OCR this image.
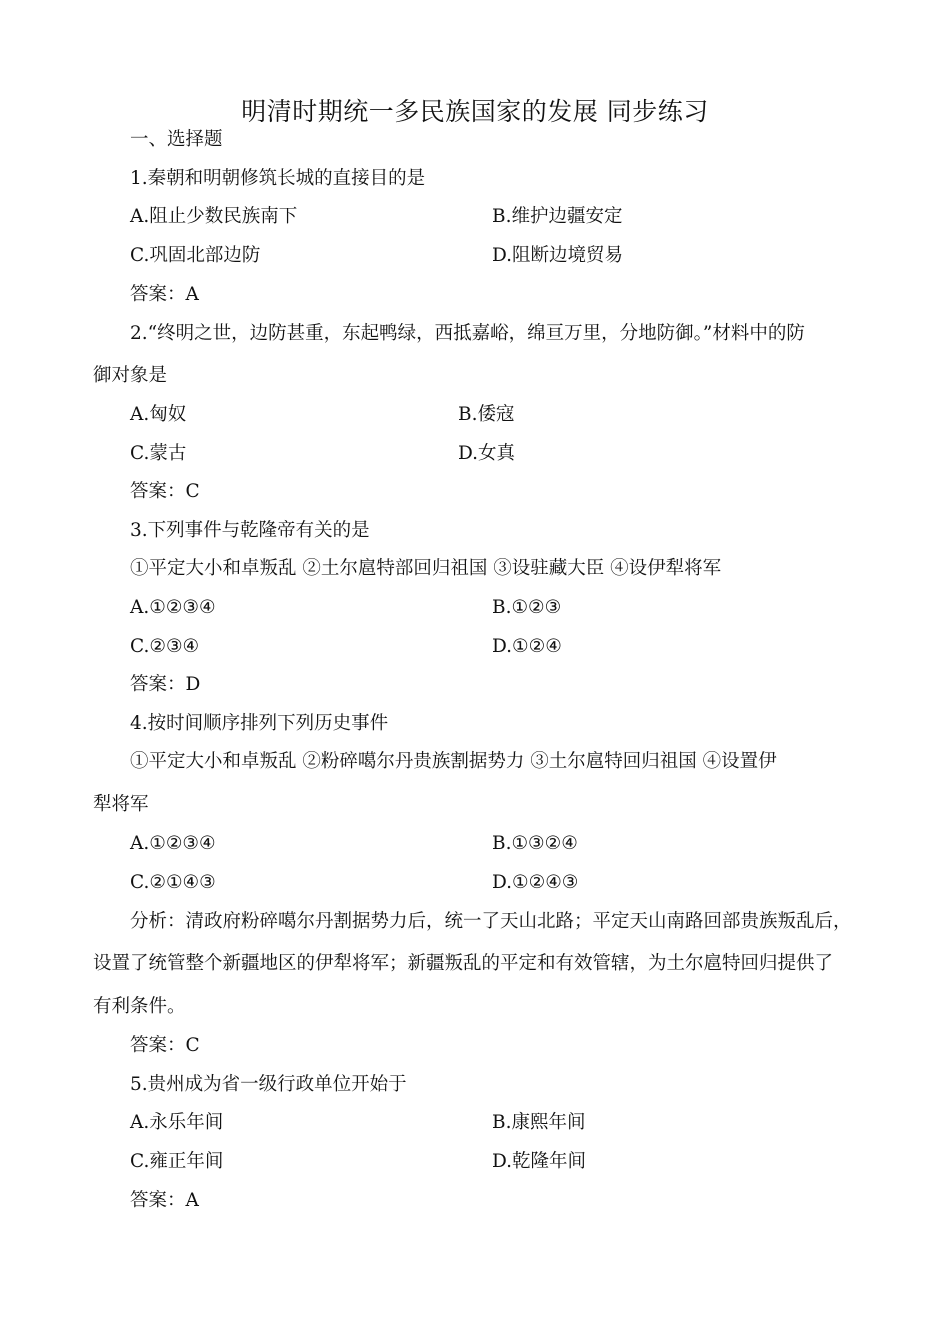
明清时期统一多民族国家的发展 同步练习
一、选择题
1.秦朝和明朝修筑长城的直接目的是
A.阻止少数民族南下	B.维护边疆安定
C.巩固北部边防	D.阻断边境贸易
答案：A
2.“终明之世，边防甚重，东起鸭绿，西抵嘉峪，绵亘万里，分地防御。”材料中的防
御对象是
A.匈奴	B.倭寇
C.蒙古	D.女真
答案：C
3.下列事件与乾隆帝有关的是
①平定大小和卓叛乱 ②土尔扈特部回归祖国 ③设驻藏大臣 ④设伊犁将军
A.①②③④	B.①②③
C.②③④	D.①②④
答案：D
4.按时间顺序排列下列历史事件
①平定大小和卓叛乱 ②粉碎噶尔丹贵族割据势力 ③土尔扈特回归祖国 ④设置伊
犁将军
A.①②③④	B.①③②④
C.②①④③	D.①②④③
分析：清政府粉碎噶尔丹割据势力后，统一了天山北路；平定天山南路回部贵族叛乱后，
设置了统管整个新疆地区的伊犁将军；新疆叛乱的平定和有效管辖，为土尔扈特回归提供了
有利条件。
答案：C
5.贵州成为省一级行政单位开始于
A.永乐年间	B.康熙年间
C.雍正年间	D.乾隆年间
答案：A
